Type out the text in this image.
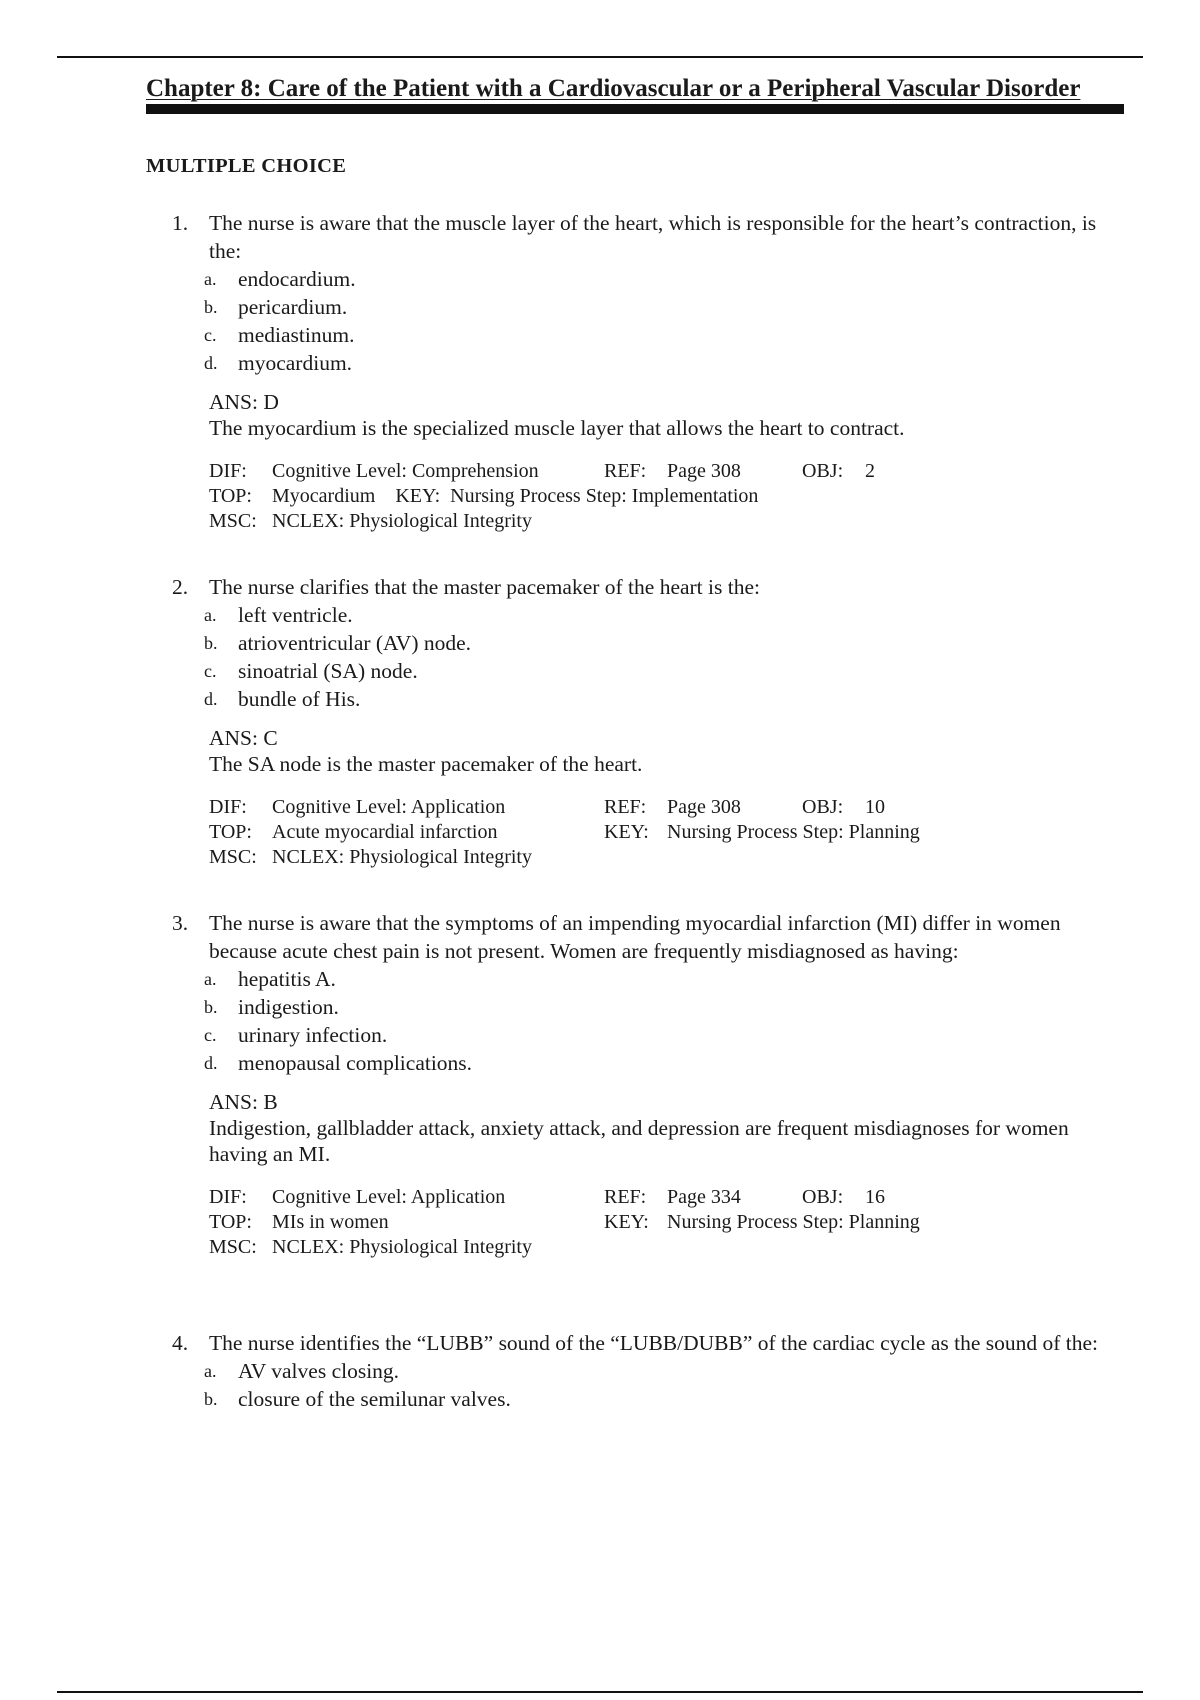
Chapter 8: Care of the Patient with a Cardiovascular or a Peripheral Vascular Disorder
MULTIPLE CHOICE
1. The nurse is aware that the muscle layer of the heart, which is responsible for the heart’s contraction, is the:
a.	endocardium.
b. pericardium.
c.	mediastinum.
d. myocardium.
ANS: D
The myocardium is the specialized muscle layer that allows the heart to contract.
DIF: Cognitive Level: Comprehension	REF: Page 308	OBJ: 2
TOP: Myocardium KEY: Nursing Process Step: Implementation
MSC: NCLEX: Physiological Integrity
2. The nurse clarifies that the master pacemaker of the heart is the:
a.	left ventricle.
b. atrioventricular (AV) node.
c.	sinoatrial (SA) node.
d. bundle of His.
ANS: C
The SA node is the master pacemaker of the heart.
DIF: Cognitive Level: Application	REF: Page 308	OBJ: 10
TOP: Acute myocardial infarction	KEY: Nursing Process Step: Planning
MSC: NCLEX: Physiological Integrity
3. The nurse is aware that the symptoms of an impending myocardial infarction (MI) differ in women because acute chest pain is not present. Women are frequently misdiagnosed as having:
a.	hepatitis A.
b. indigestion.
c.	urinary infection.
d. menopausal complications.
ANS: B
Indigestion, gallbladder attack, anxiety attack, and depression are frequent misdiagnoses for women having an MI.
DIF: Cognitive Level: Application	REF: Page 334	OBJ: 16
TOP: MIs in women	KEY: Nursing Process Step: Planning
MSC: NCLEX: Physiological Integrity
4. The nurse identifies the “LUBB” sound of the “LUBB/DUBB” of the cardiac cycle as the sound of the:
a.	AV valves closing.
b. closure of the semilunar valves.
